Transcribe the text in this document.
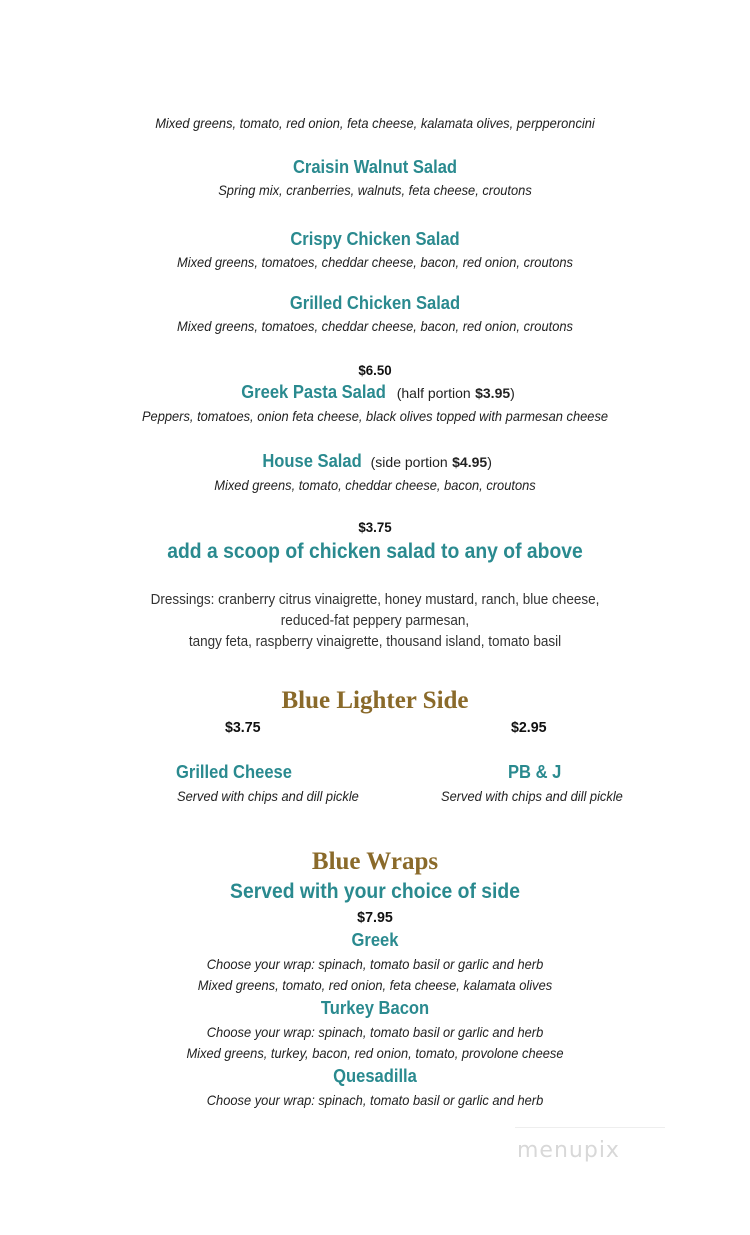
Mixed greens, tomato, red onion, feta cheese, kalamata olives, perpperoncini
Craisin Walnut Salad
Spring mix, cranberries, walnuts, feta cheese, croutons
Crispy Chicken Salad
Mixed greens, tomatoes, cheddar cheese, bacon, red onion, croutons
Grilled Chicken Salad
Mixed greens, tomatoes, cheddar cheese, bacon, red onion, croutons
$6.50
Greek Pasta Salad (half portion $3.95)
Peppers, tomatoes, onion feta cheese, black olives topped with parmesan cheese
House Salad (side portion $4.95)
Mixed greens, tomato, cheddar cheese, bacon, croutons
$3.75
add a scoop of chicken salad to any of above
Dressings: cranberry citrus vinaigrette, honey mustard, ranch, blue cheese,
reduced-fat peppery parmesan,
tangy feta, raspberry vinaigrette, thousand island, tomato basil
Blue Lighter Side
$3.75
Grilled Cheese
Served with chips and dill pickle
$2.95
PB & J
Served with chips and dill pickle
Blue Wraps
Served with your choice of side
$7.95
Greek
Choose your wrap: spinach, tomato basil or garlic and herb
Mixed greens, tomato, red onion, feta cheese, kalamata olives
Turkey Bacon
Choose your wrap: spinach, tomato basil or garlic and herb
Mixed greens, turkey, bacon, red onion, tomato, provolone cheese
Quesadilla
Choose your wrap: spinach, tomato basil or garlic and herb
menupix
